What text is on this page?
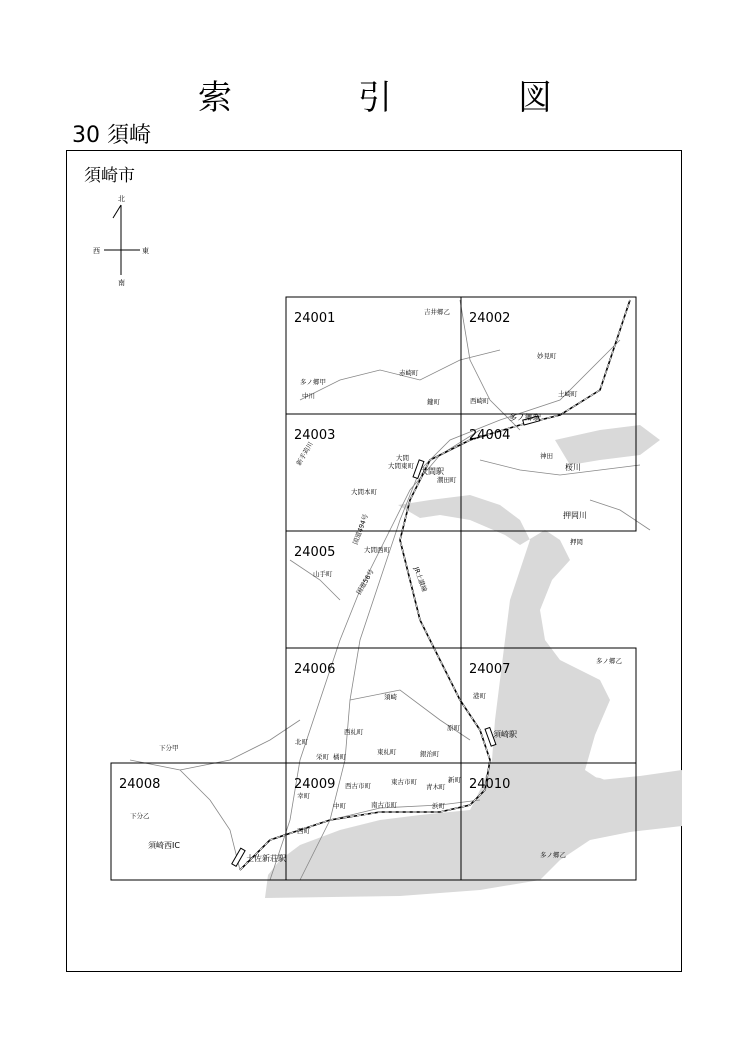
索　引　図
30 須崎
須崎市
24001	24002
24003	24004
24005
24006	24007
24008	24009	24010
北
南
東
西
吉井郷乙
赤崎町
鍵町
多ノ郷甲
中川
妙見町
土崎町
西崎町
多ノ郷駅
神田
桜川
押岡川
押岡
新手苅川	大間
大間東町
潮田町
大間駅
大間本町
国道494号
大間西町
山手町	国道56号	JR土讃線
多ノ郷乙
須崎	港町
原町
須崎駅
西糺町
東糺町	銀治町
北町
栄町 橘町
下分甲
西古市町	東古市町
青木町
新町
幸町
中町	南古市町	浜町
下分乙
須崎西IC
西町
土佐新荘駅	多ノ郷乙
